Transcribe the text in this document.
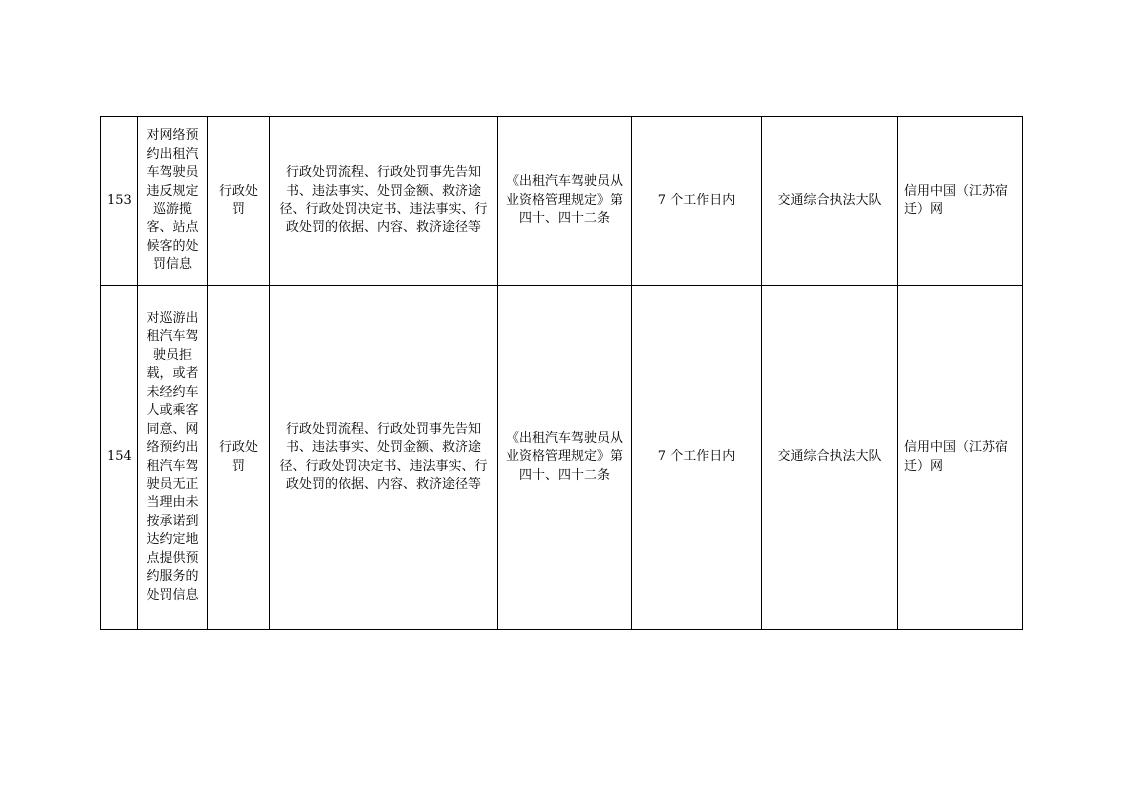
153	对网络预约出租汽车驾驶员违反规定巡游揽客、站点候客的处罚信息	行政处罚	行政处罚流程、行政处罚事先告知书、违法事实、处罚金额、救济途径、行政处罚决定书、违法事实、行政处罚的依据、内容、救济途径等	《出租汽车驾驶员从业资格管理规定》第四十、四十二条	7 个工作日内	交通综合执法大队	信用中国（江苏宿迁）网
154	对巡游出租汽车驾驶员拒载，或者未经约车人或乘客同意、网络预约出租汽车驾驶员无正当理由未按承诺到达约定地点提供预约服务的处罚信息	行政处罚	行政处罚流程、行政处罚事先告知书、违法事实、处罚金额、救济途径、行政处罚决定书、违法事实、行政处罚的依据、内容、救济途径等	《出租汽车驾驶员从业资格管理规定》第四十、四十二条	7 个工作日内	交通综合执法大队	信用中国（江苏宿迁）网
